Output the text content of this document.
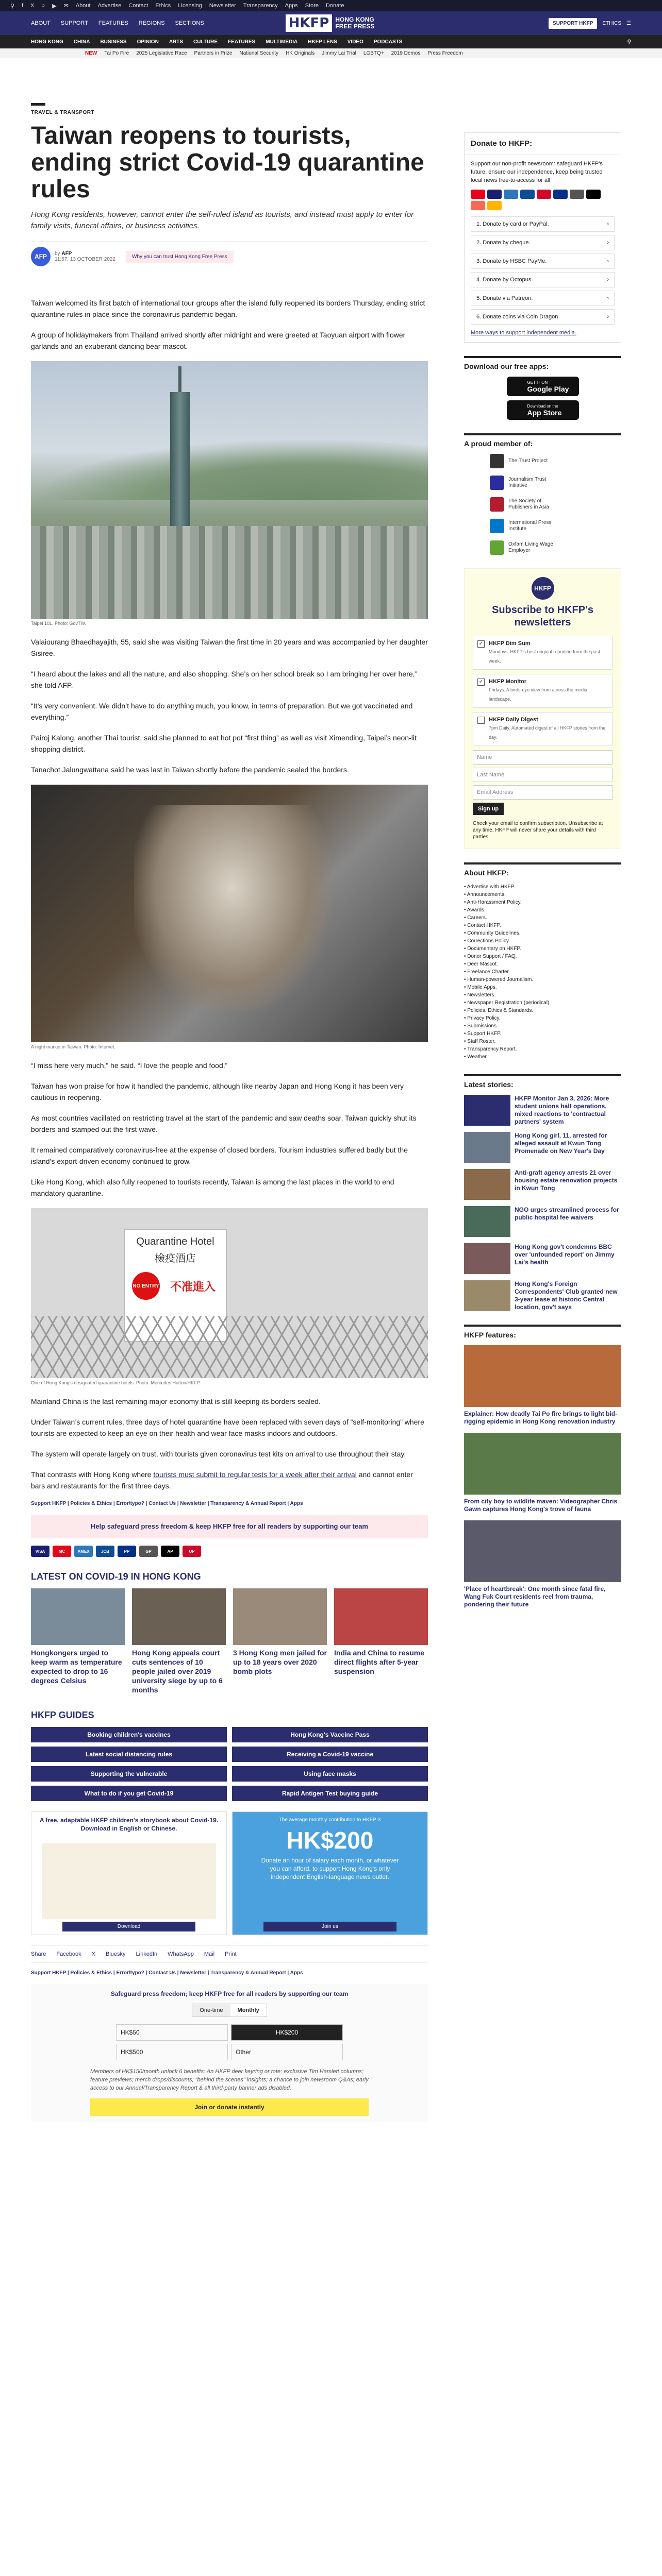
⚲ f X ○ ▶ ✉ About Advertise Contact Ethics Licensing Newsletter Transparency Apps Store Donate
ABOUT SUPPORT FEATURES REGIONS SECTIONS	HKFP	HONG KONG FREE PRESS	SUPPORT HKFP	ETHICS ☰
HONG KONG CHINA BUSINESS OPINION ARTS CULTURE FEATURES MULTIMEDIA HKFP LENS VIDEO PODCASTS	⚲
NEW Tai Po Fire 2025 Legislative Race Partners in Prize National Security HK Originals Jimmy Lai Trial LGBTQ+ 2019 Demos Press Freedom
TRAVEL & TRANSPORT
Taiwan reopens to tourists, ending strict Covid-19 quarantine rules
Hong Kong residents, however, cannot enter the self-ruled island as tourists, and instead must apply to enter for family visits, funeral affairs, or business activities.
AFP	by AFP
11:57, 13 OCTOBER 2022	Why you can trust Hong Kong Free Press

Taiwan welcomed its first batch of international tour groups after the island fully reopened its borders Thursday, ending strict quarantine rules in place since the coronavirus pandemic began.

A group of holidaymakers from Thailand arrived shortly after midnight and were greeted at Taoyuan airport with flower garlands and an exuberant dancing bear mascot.

Taipei 101. Photo: GovTW.

Valaiourang Bhaedhayajith, 55, said she was visiting Taiwan the first time in 20 years and was accompanied by her daughter Sisiree.

“I heard about the lakes and all the nature, and also shopping. She’s on her school break so I am bringing her over here,” she told AFP.

“It’s very convenient. We didn’t have to do anything much, you know, in terms of preparation. But we got vaccinated and everything.”

Pairoj Kalong, another Thai tourist, said she planned to eat hot pot “first thing” as well as visit Ximending, Taipei’s neon-lit shopping district.

Tanachot Jalungwattana said he was last in Taiwan shortly before the pandemic sealed the borders.

A night market in Taiwan. Photo: Internet.

“I miss here very much,” he said. “I love the people and food.”

Taiwan has won praise for how it handled the pandemic, although like nearby Japan and Hong Kong it has been very cautious in reopening.

As most countries vacillated on restricting travel at the start of the pandemic and saw deaths soar, Taiwan quickly shut its borders and stamped out the first wave.

It remained comparatively coronavirus-free at the expense of closed borders. Tourism industries suffered badly but the island’s export-driven economy continued to grow.

Like Hong Kong, which also fully reopened to tourists recently, Taiwan is among the last places in the world to end mandatory quarantine.

Quarantine Hotel
檢疫酒店
NO ENTRY 不准進入
One of Hong Kong’s designated quarantine hotels. Photo: Mercedes Hutton/HKFP.

Mainland China is the last remaining major economy that is still keeping its borders sealed.

Under Taiwan’s current rules, three days of hotel quarantine have been replaced with seven days of “self-monitoring” where tourists are expected to keep an eye on their health and wear face masks indoors and outdoors.

The system will operate largely on trust, with tourists given coronavirus test kits on arrival to use throughout their stay.

That contrasts with Hong Kong where tourists must submit to regular tests for a week after their arrival and cannot enter bars and restaurants for the first three days.

Support HKFP | Policies & Ethics | Error/typo? | Contact Us | Newsletter | Transparency & Annual Report | Apps
Help safeguard press freedom & keep HKFP free for all readers by supporting our team
VISA	MC	AMEX	JCB	PP	GP	AP	UP
LATEST ON COVID-19 IN HONG KONG
Hongkongers urged to keep warm as temperature expected to drop to 16 degrees Celsius
Hong Kong appeals court cuts sentences of 10 people jailed over 2019 university siege by up to 6 months
3 Hong Kong men jailed for up to 18 years over 2020 bomb plots
India and China to resume direct flights after 5-year suspension
HKFP GUIDES
Booking children's vaccines	Hong Kong's Vaccine Pass
Latest social distancing rules	Receiving a Covid-19 vaccine
Supporting the vulnerable	Using face masks
What to do if you get Covid-19	Rapid Antigen Test buying guide
A free, adaptable HKFP children's storybook about Covid-19. Download in English or Chinese.
Download
The average monthly contribution to HKFP is
HK$200
Donate an hour of salary each month, or whatever you can afford, to support Hong Kong's only independent English-language news outlet.
Join us
Share Facebook X Bluesky LinkedIn WhatsApp Mail Print
Support HKFP | Policies & Ethics | Error/typo? | Contact Us | Newsletter | Transparency & Annual Report | Apps
Safeguard press freedom; keep HKFP free for all readers by supporting our team
One-time	Monthly
HK$50	HK$200
HK$500	Other
Members of HK$150/month unlock 6 benefits: An HKFP deer keyring or tote; exclusive Tim Hamlett columns; feature previews; merch drops/discounts; "behind the scenes" insights; a chance to join newsroom Q&As; early access to our Annual/Transparency Report & all third-party banner ads disabled.
Join or donate instantly
Donate to HKFP:
Support our non-profit newsroom: safeguard HKFP's future, ensure our independence, keep being trusted local news free-to-access for all.
1. Donate by card or PayPal.	›
2. Donate by cheque.	›
3. Donate by HSBC PayMe.	›
4. Donate by Octopus.	›
5. Donate via Patreon.	›
6. Donate coins via Coin Dragon.	›
More ways to support independent media.
Download our free apps:
GET IT ON
Google Play
Download on the
App Store
A proud member of:
The Trust Project
Journalism Trust Initiative
The Society of Publishers in Asia
International Press Institute
Oxfam Living Wage Employer
HKFP
Subscribe to HKFP's newsletters
✓ HKFP Dim Sum
Mondays. HKFP's best original reporting from the past week.
✓ HKFP Monitor
Fridays. A birds-eye view from across the media landscape.
HKFP Daily Digest
7pm Daily. Automated digest of all HKFP stories from the day.
Name
Last Name
Email Address
Sign up
Check your email to confirm subscription. Unsubscribe at any time. HKFP will never share your details with third parties.
About HKFP:
• Advertise with HKFP.
• Announcements.
• Anti-Harassment Policy.
• Awards.
• Careers.
• Contact HKFP.
• Community Guidelines.
• Corrections Policy.
• Documentary on HKFP.
• Donor Support / FAQ.
• Deer Mascot.
• Freelance Charter.
• Human-powered Journalism.
• Mobile Apps.
• Newsletters.
• Newspaper Registration (periodical).
• Policies, Ethics & Standards.
• Privacy Policy.
• Submissions.
• Support HKFP.
• Staff Roster.
• Transparency Report.
• Weather.
Latest stories:
HKFP Monitor Jan 3, 2026: More student unions halt operations, mixed reactions to 'contractual partners' system
Hong Kong girl, 11, arrested for alleged assault at Kwun Tong Promenade on New Year's Day
Anti-graft agency arrests 21 over housing estate renovation projects in Kwun Tong
NGO urges streamlined process for public hospital fee waivers
Hong Kong gov't condemns BBC over 'unfounded report' on Jimmy Lai's health
Hong Kong's Foreign Correspondents' Club granted new 3-year lease at historic Central location, gov't says
HKFP features:
Explainer: How deadly Tai Po fire brings to light bid-rigging epidemic in Hong Kong renovation industry
From city boy to wildlife maven: Videographer Chris Gawn captures Hong Kong's trove of fauna
'Place of heartbreak': One month since fatal fire, Wang Fuk Court residents reel from trauma, pondering their future
